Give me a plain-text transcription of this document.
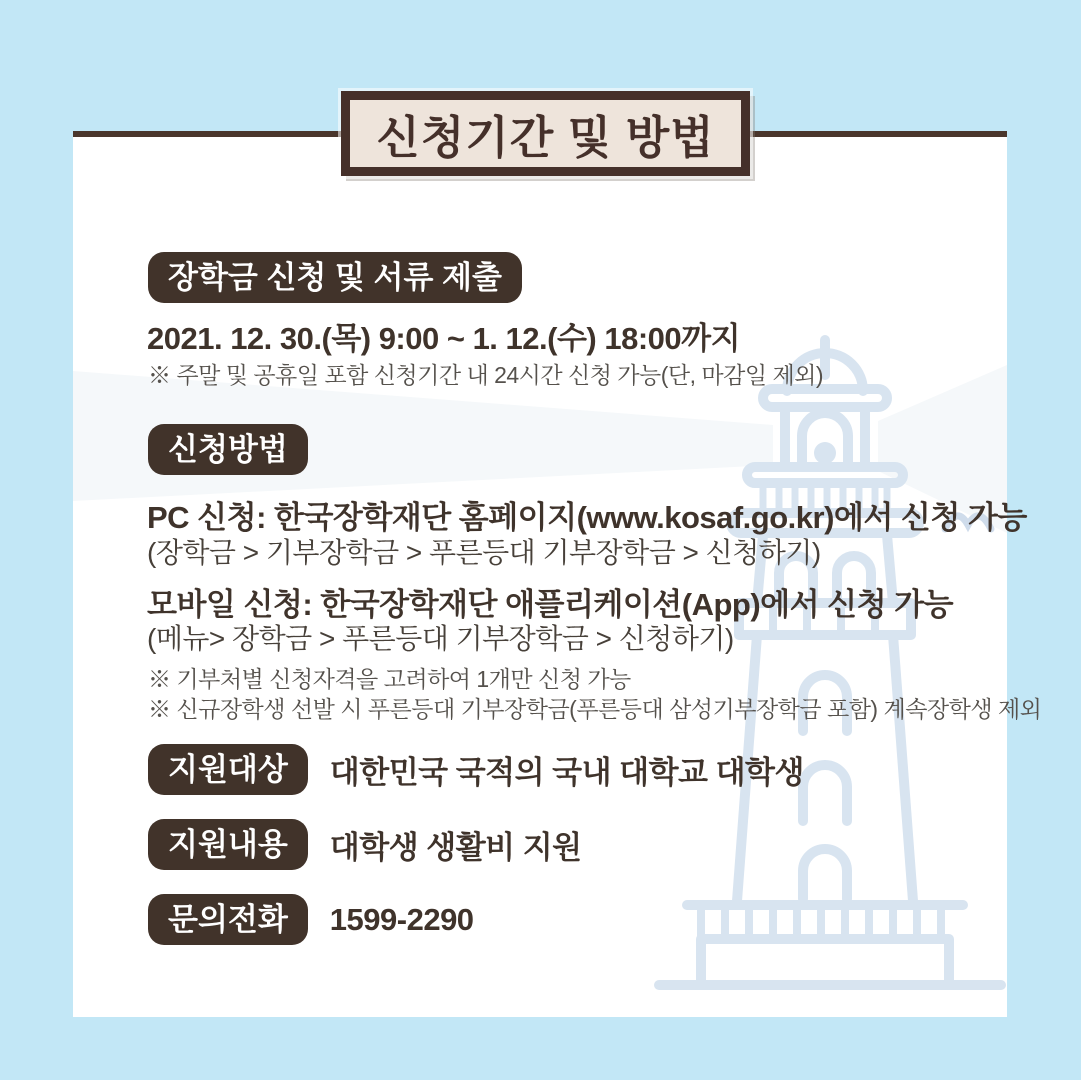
신청기간 및 방법
장학금 신청 및 서류 제출
2021. 12. 30.(목) 9:00 ~ 1. 12.(수) 18:00까지
※ 주말 및 공휴일 포함 신청기간 내 24시간 신청 가능(단, 마감일 제외)
신청방법
PC 신청: 한국장학재단 홈페이지(www.kosaf.go.kr)에서 신청 가능
(장학금 > 기부장학금 > 푸른등대 기부장학금 > 신청하기)
모바일 신청: 한국장학재단 애플리케이션(App)에서 신청 가능
(메뉴> 장학금 > 푸른등대 기부장학금 > 신청하기)
※ 기부처별 신청자격을 고려하여 1개만 신청 가능
※ 신규장학생 선발 시 푸른등대 기부장학금(푸른등대 삼성기부장학금 포함) 계속장학생 제외
지원대상 대한민국 국적의 국내 대학교 대학생
지원내용 대학생 생활비 지원
문의전화 1599-2290
